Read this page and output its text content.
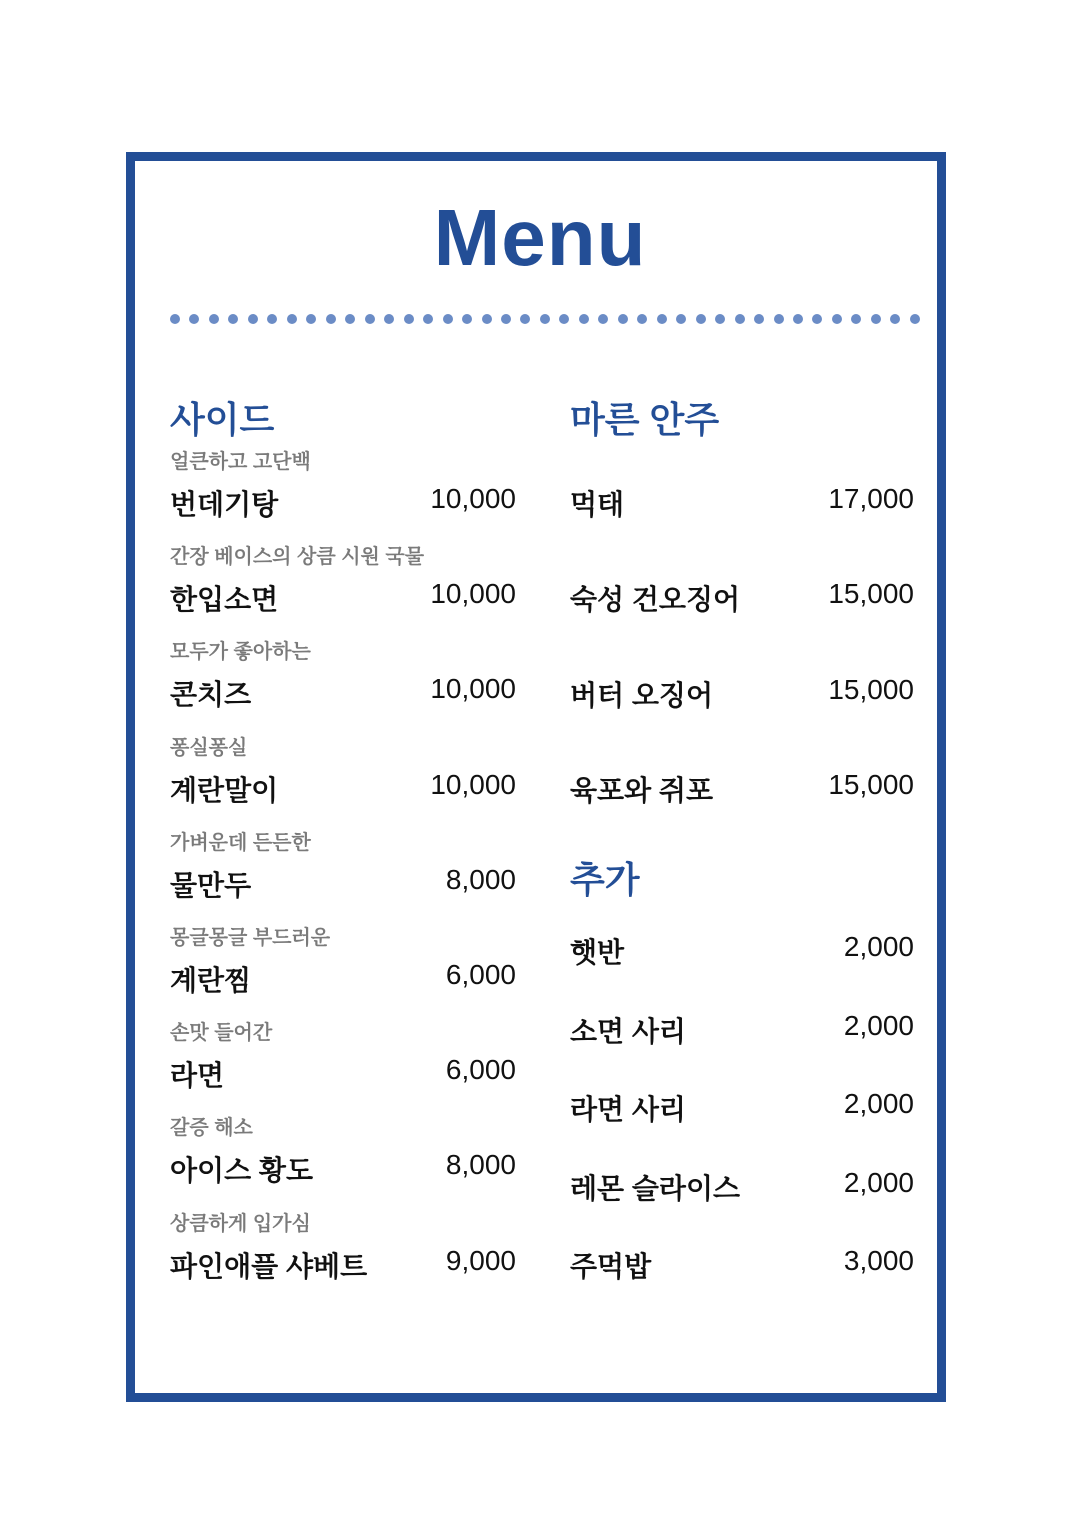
Menu
사이드
얼큰하고 고단백
번데기탕	10,000
간장 베이스의 상큼 시원 국물
한입소면	10,000
모두가 좋아하는
콘치즈	10,000
퐁실퐁실
계란말이	10,000
가벼운데 든든한
물만두	8,000
몽글몽글 부드러운
계란찜	6,000
손맛 들어간
라면	6,000
갈증 해소
아이스 황도	8,000
상큼하게 입가심
파인애플 샤베트	9,000
마른 안주
먹태	17,000
숙성 건오징어	15,000
버터 오징어	15,000
육포와 쥐포	15,000
추가
햇반	2,000
소면 사리	2,000
라면 사리	2,000
레몬 슬라이스	2,000
주먹밥	3,000
